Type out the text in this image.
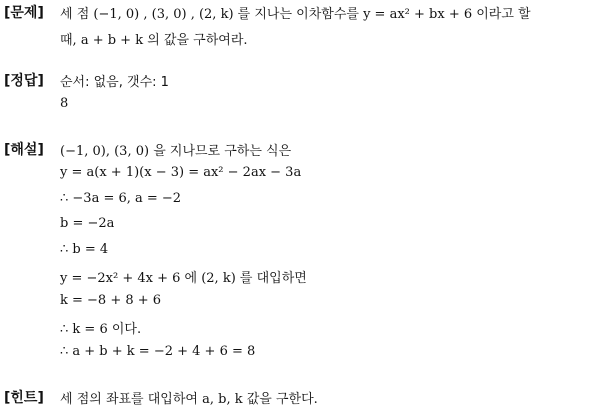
[문제] 세 점 (−1, 0) , (3, 0) , (2, k) 를 지나는 이차함수를 y = ax² + bx + 6 이라고 할
때, a + b + k 의 값을 구하여라.
[정답] 순서: 없음, 갯수: 1
8
[해설] (−1, 0), (3, 0) 을 지나므로 구하는 식은
y = a(x + 1)(x − 3) = ax² − 2ax − 3a
∴ −3a = 6, a = −2
b = −2a
∴ b = 4
y = −2x² + 4x + 6 에 (2, k) 를 대입하면
k = −8 + 8 + 6
∴ k = 6 이다.
∴ a + b + k = −2 + 4 + 6 = 8
[힌트] 세 점의 좌표를 대입하여 a, b, k 값을 구한다.
